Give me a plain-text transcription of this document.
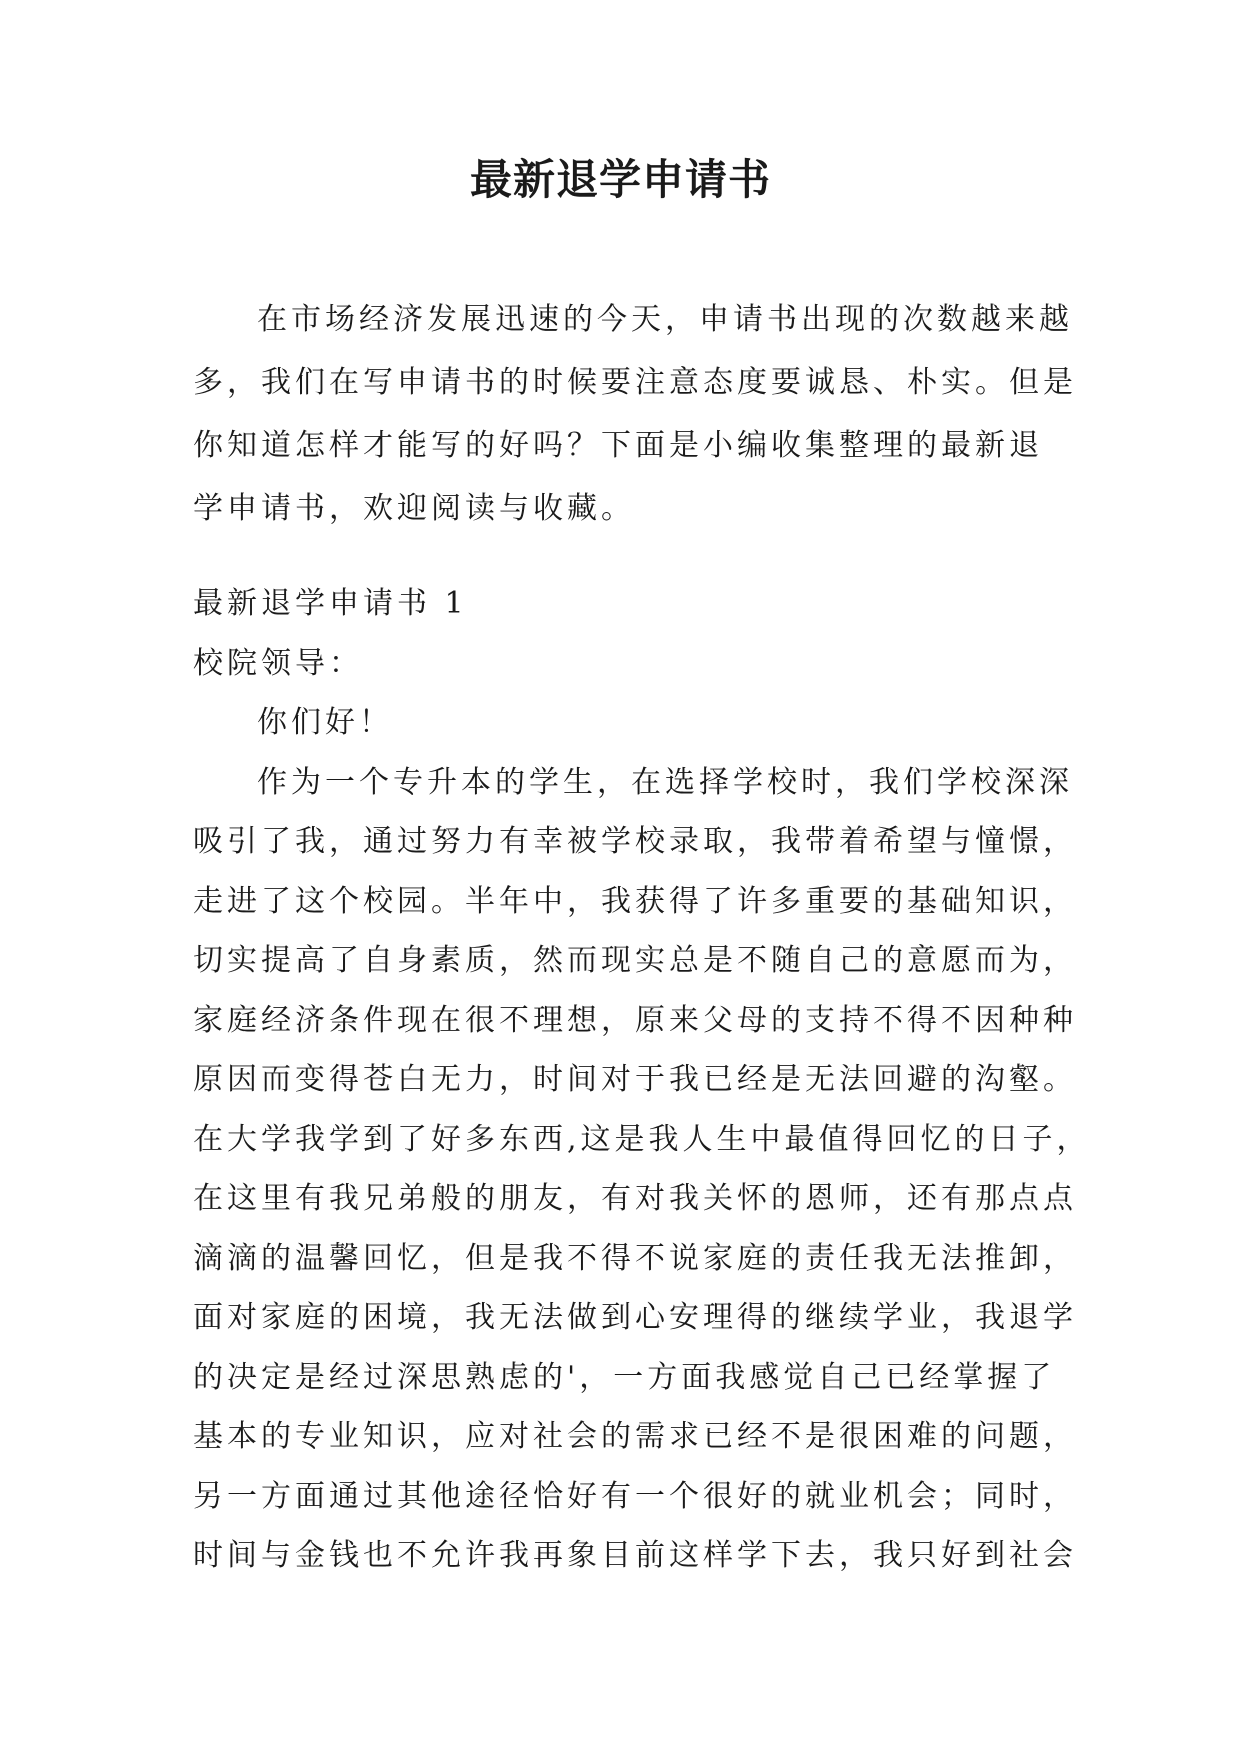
最新退学申请书
在市场经济发展迅速的今天，申请书出现的次数越来越
多，我们在写申请书的时候要注意态度要诚恳、朴实。但是
你知道怎样才能写的好吗？下面是小编收集整理的最新退
学申请书，欢迎阅读与收藏。
最新退学申请书 1
校院领导：
你们好！
作为一个专升本的学生，在选择学校时，我们学校深深
吸引了我，通过努力有幸被学校录取，我带着希望与憧憬，
走进了这个校园。半年中，我获得了许多重要的基础知识，
切实提高了自身素质，然而现实总是不随自己的意愿而为，
家庭经济条件现在很不理想，原来父母的支持不得不因种种
原因而变得苍白无力，时间对于我已经是无法回避的沟壑。
在大学我学到了好多东西,这是我人生中最值得回忆的日子，
在这里有我兄弟般的朋友，有对我关怀的恩师，还有那点点
滴滴的温馨回忆，但是我不得不说家庭的责任我无法推卸，
面对家庭的困境，我无法做到心安理得的继续学业，我退学
的决定是经过深思熟虑的'，一方面我感觉自己已经掌握了
基本的专业知识，应对社会的需求已经不是很困难的问题，
另一方面通过其他途径恰好有一个很好的就业机会；同时，
时间与金钱也不允许我再象目前这样学下去，我只好到社会
